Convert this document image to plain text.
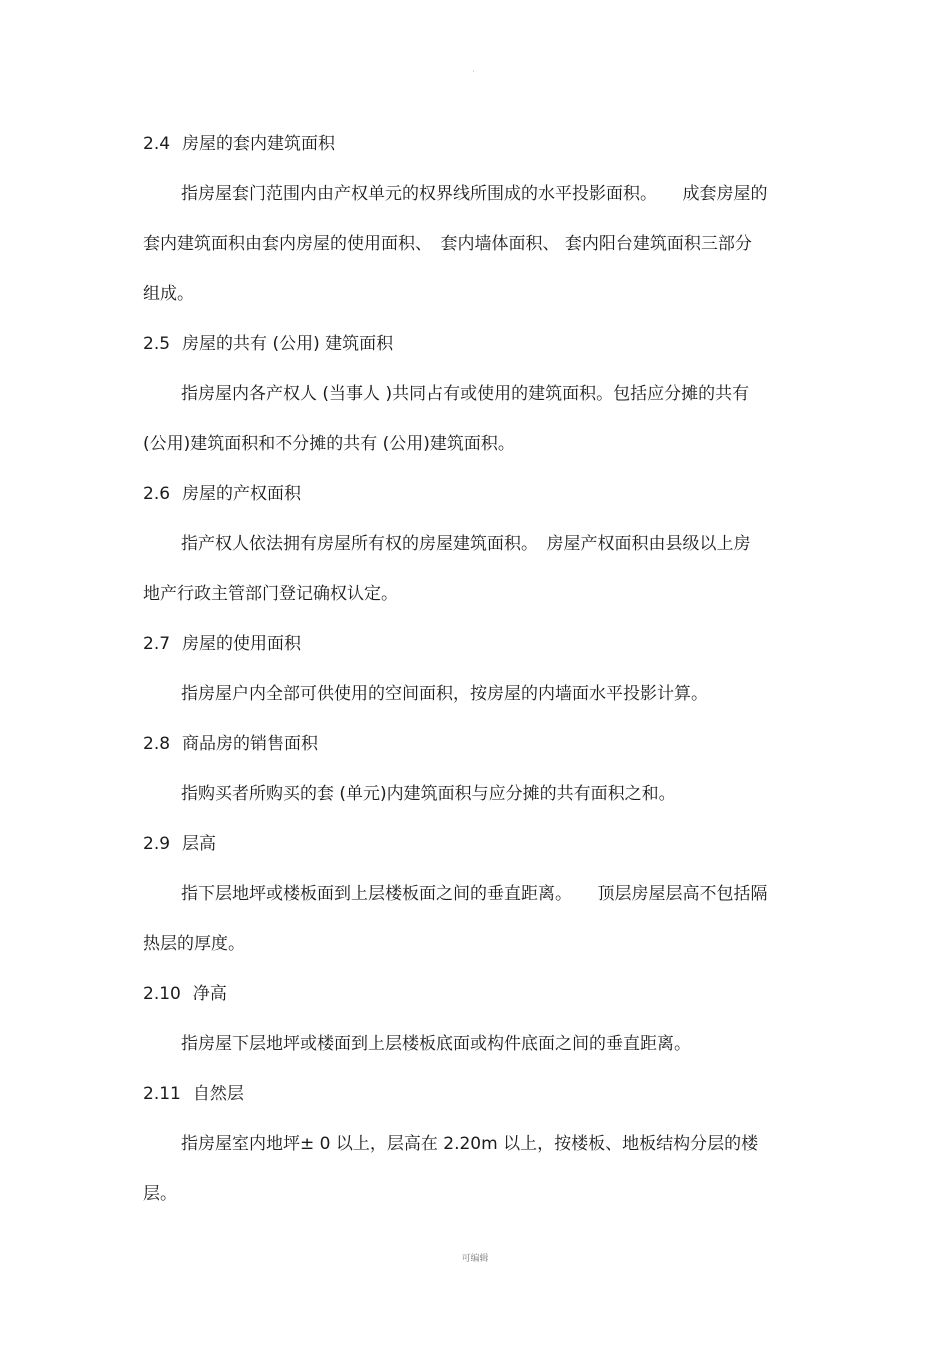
·
2.4 房屋的套内建筑面积
指房屋套门范围内由产权单元的权界线所围成的水平投影面积。　　成套房屋的
套内建筑面积由套内房屋的使用面积、　套内墙体面积、 套内阳台建筑面积三部分
组成。
2.5 房屋的共有 (公用) 建筑面积
指房屋内各产权人 (当事人 )共同占有或使用的建筑面积。包括应分摊的共有
(公用)建筑面积和不分摊的共有 (公用)建筑面积。
2.6 房屋的产权面积
指产权人依法拥有房屋所有权的房屋建筑面积。　房屋产权面积由县级以上房
地产行政主管部门登记确权认定。
2.7 房屋的使用面积
指房屋户内全部可供使用的空间面积，按房屋的内墙面水平投影计算。
2.8 商品房的销售面积
指购买者所购买的套 (单元)内建筑面积与应分摊的共有面积之和。
2.9 层高
指下层地坪或楼板面到上层楼板面之间的垂直距离。　　顶层房屋层高不包括隔
热层的厚度。
2.10 净高
指房屋下层地坪或楼面到上层楼板底面或构件底面之间的垂直距离。
2.11 自然层
指房屋室内地坪± 0 以上，层高在 2.20m 以上，按楼板、地板结构分层的楼
层。
可编辑
